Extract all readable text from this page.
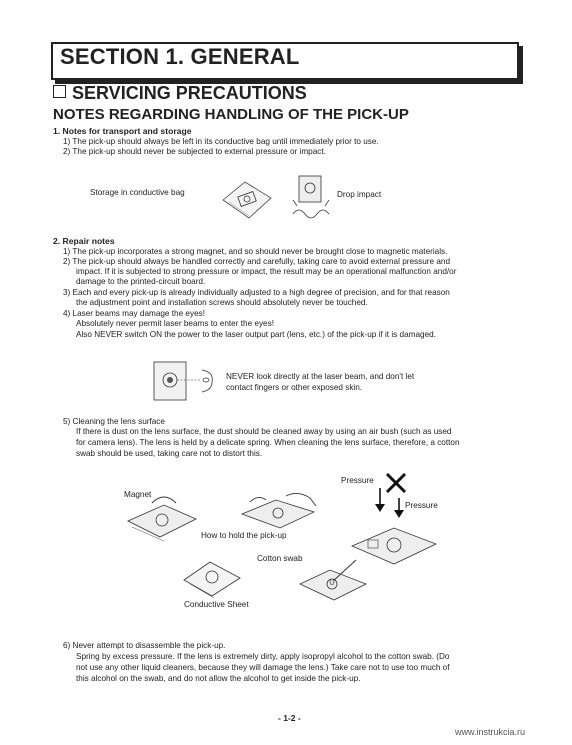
SECTION 1. GENERAL
SERVICING PRECAUTIONS
NOTES REGARDING HANDLING OF THE PICK-UP
1. Notes for transport and storage
1) The pick-up should always be left in its conductive bag until immediately prior to use.
2) The pick-up should never be subjected to external pressure or impact.
Storage in conductive bag	Drop impact
2. Repair notes
1) The pick-up incorporates a strong magnet, and so should never be brought close to magnetic materials.
2) The pick-up should always be handled correctly and carefully, taking care to avoid external pressure and
impact. If it is subjected to strong pressure or impact, the result may be an operational malfunction and/or
damage to the printed-circuit board.
3) Each and every pick-up is already individually adjusted to a high degree of precision, and for that reason
the adjustment point and installation screws should absolutely never be touched.
4) Laser beams may damage the eyes!
Absolutely never permit laser beams to enter the eyes!
Also NEVER switch ON the power to the laser output part (lens, etc.) of the pick-up if it is damaged.
NEVER look directly at the laser beam, and don't let
contact fingers or other exposed skin.
5) Cleaning the lens surface
If there is dust on the lens surface, the dust should be cleaned away by using an air bush (such as used
for camera lens). The lens is held by a delicate spring. When cleaning the lens surface, therefore, a cotton
swab should be used, taking care not to distort this.
Magnet
How to hold the pick-up
Pressure
Pressure
Cotton swab
Conductive Sheet
6) Never attempt to disassemble the pick-up.
Spring by excess pressure. If the lens is extremely dirty, apply isopropyl alcohol to the cotton swab. (Do
not use any other liquid cleaners, because they will damage the lens.) Take care not to use too much of
this alcohol on the swab, and do not allow the alcohol to get inside the pick-up.
- 1-2 -
www.instrukcia.ru
